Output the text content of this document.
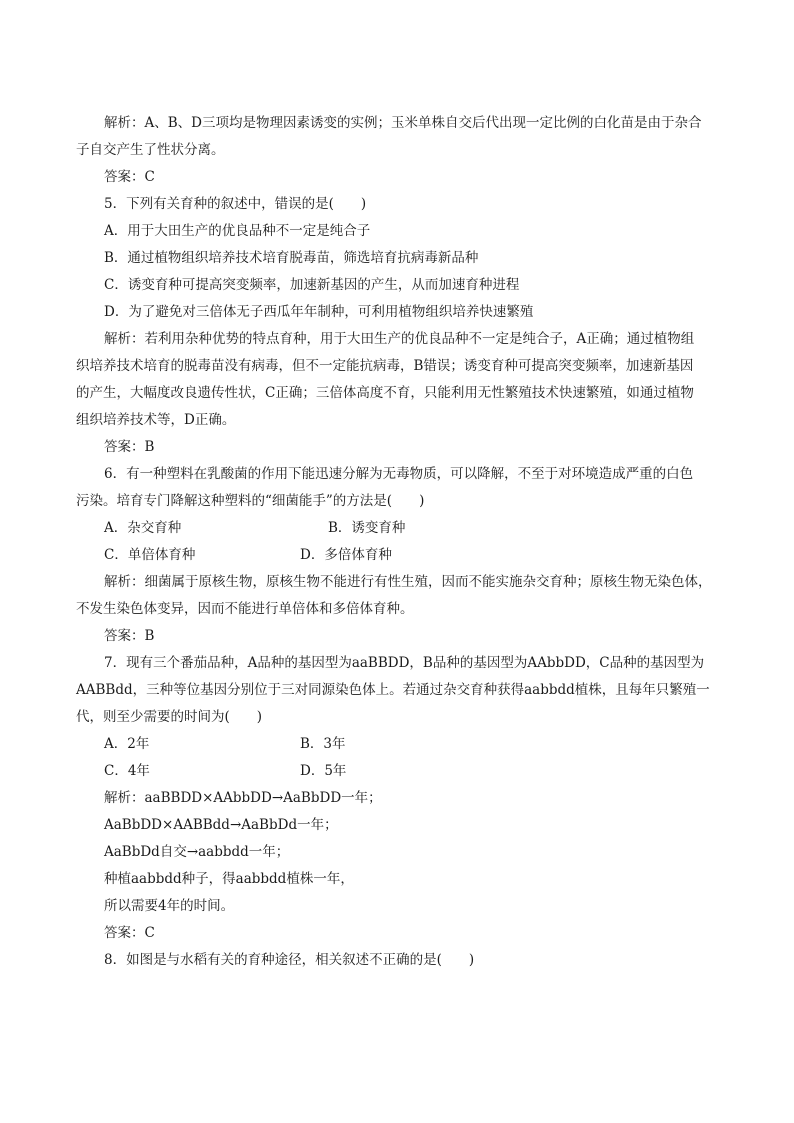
解析：A、B、D三项均是物理因素诱变的实例；玉米单株自交后代出现一定比例的白化苗是由于杂合
子自交产生了性状分离。
答案：C
5．下列有关育种的叙述中，错误的是(　　)
A．用于大田生产的优良品种不一定是纯合子
B．通过植物组织培养技术培育脱毒苗，筛选培育抗病毒新品种
C．诱变育种可提高突变频率，加速新基因的产生，从而加速育种进程
D．为了避免对三倍体无子西瓜年年制种，可利用植物组织培养快速繁殖
解析：若利用杂种优势的特点育种，用于大田生产的优良品种不一定是纯合子，A正确；通过植物组
织培养技术培育的脱毒苗没有病毒，但不一定能抗病毒，B错误；诱变育种可提高突变频率，加速新基因
的产生，大幅度改良遗传性状，C正确；三倍体高度不育，只能利用无性繁殖技术快速繁殖，如通过植物
组织培养技术等，D正确。
答案：B
6．有一种塑料在乳酸菌的作用下能迅速分解为无毒物质，可以降解，不至于对环境造成严重的白色
污染。培育专门降解这种塑料的“细菌能手”的方法是(　　)
A．杂交育种	B．诱变育种
C．单倍体育种	D．多倍体育种
解析：细菌属于原核生物，原核生物不能进行有性生殖，因而不能实施杂交育种；原核生物无染色体，
不发生染色体变异，因而不能进行单倍体和多倍体育种。
答案：B
7．现有三个番茄品种，A品种的基因型为aaBBDD，B品种的基因型为AAbbDD，C品种的基因型为
AABBdd，三种等位基因分别位于三对同源染色体上。若通过杂交育种获得aabbdd植株，且每年只繁殖一
代，则至少需要的时间为(　　)
A．2年	B．3年
C．4年	D．5年
解析：aaBBDD×AAbbDD→AaBbDD一年；
AaBbDD×AABBdd→AaBbDd一年；
AaBbDd自交→aabbdd一年；
种植aabbdd种子，得aabbdd植株一年，
所以需要4年的时间。
答案：C
8．如图是与水稻有关的育种途径，相关叙述不正确的是(　　)
